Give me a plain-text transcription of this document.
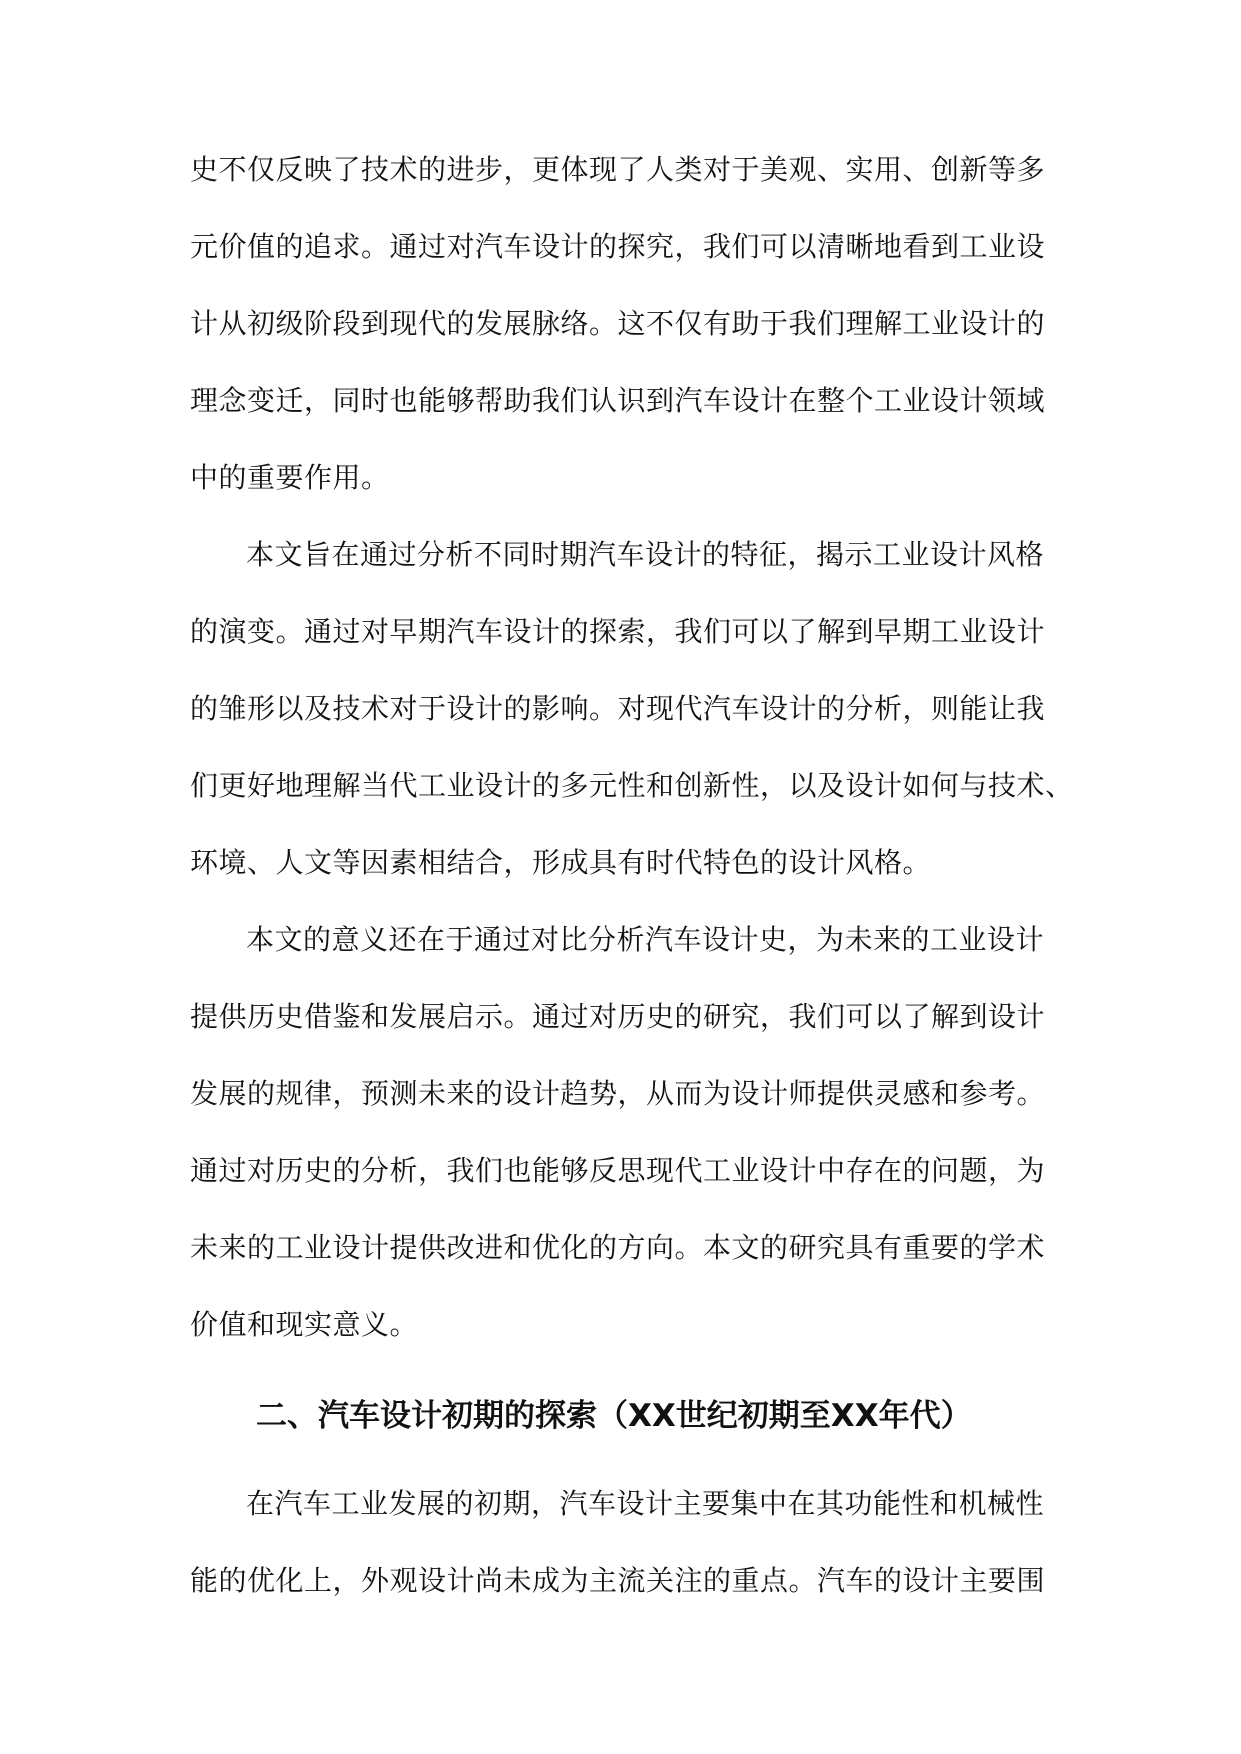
史不仅反映了技术的进步，更体现了人类对于美观、实用、创新等多
元价值的追求。通过对汽车设计的探究，我们可以清晰地看到工业设
计从初级阶段到现代的发展脉络。这不仅有助于我们理解工业设计的
理念变迁，同时也能够帮助我们认识到汽车设计在整个工业设计领域
中的重要作用。
本文旨在通过分析不同时期汽车设计的特征，揭示工业设计风格
的演变。通过对早期汽车设计的探索，我们可以了解到早期工业设计
的雏形以及技术对于设计的影响。对现代汽车设计的分析，则能让我
们更好地理解当代工业设计的多元性和创新性，以及设计如何与技术、
环境、人文等因素相结合，形成具有时代特色的设计风格。
本文的意义还在于通过对比分析汽车设计史，为未来的工业设计
提供历史借鉴和发展启示。通过对历史的研究，我们可以了解到设计
发展的规律，预测未来的设计趋势，从而为设计师提供灵感和参考。
通过对历史的分析，我们也能够反思现代工业设计中存在的问题，为
未来的工业设计提供改进和优化的方向。本文的研究具有重要的学术
价值和现实意义。
二、汽车设计初期的探索（XX世纪初期至XX年代）
在汽车工业发展的初期，汽车设计主要集中在其功能性和机械性
能的优化上，外观设计尚未成为主流关注的重点。汽车的设计主要围
